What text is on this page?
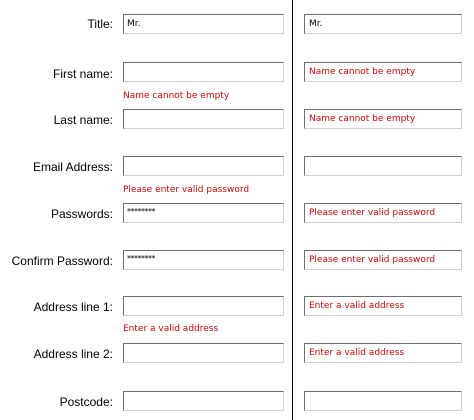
Title:
First name:
Last name:
Email Address:
Passwords:
Confirm Password:
Address line 1:
Address line 2:
Postcode:
Mr.
********
********
Name cannot be empty
Please enter valid password
Enter a valid address
Mr.
Name cannot be empty
Name cannot be empty
Please enter valid password
Please enter valid password
Enter a valid address
Enter a valid address
